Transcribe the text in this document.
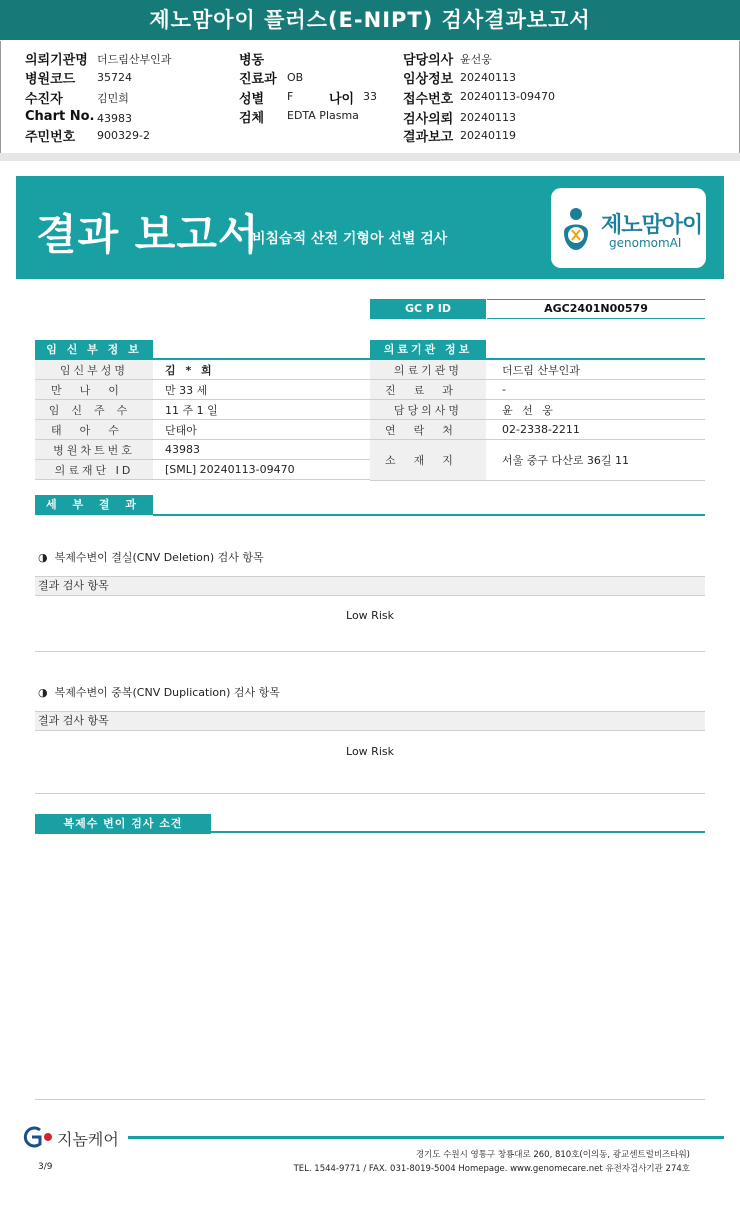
제노맘아이 플러스(E-NIPT) 검사결과보고서
의뢰기관명 더드림산부인과
병원코드 35724
수진자	김민희
Chart No. 43983
주민번호 900329-2
병동
진료과 OB
성별 F	나이 33
검체 EDTA Plasma
담당의사 윤선웅
임상정보 20240113
접수번호 20240113-09470
검사의뢰 20240113
결과보고 20240119
결과 보고서
비침습적 산전 기형아 선별 검사
제노맘아이
genomomAI
GC P ID	AGC2401N00579
임 신 부 정 보
임신부성명	김 * 희
만나이	만 33 세
임신주수	11 주 1 일
태아수	단태아
병원차트번호	43983
의료재단 ID	[SML] 20240113-09470
의료기관 정보
의료기관명	더드림 산부인과
진료과	-
담당의사명	윤 선 웅
연락처	02-2338-2211
소재지	서울 중구 다산로 36길 11
세 부 결 과
◑ 복제수변이 결실(CNV Deletion) 검사 항목
결과 검사 항목
Low Risk
◑ 복제수변이 중복(CNV Duplication) 검사 항목
결과 검사 항목
Low Risk
복제수 변이 검사 소견
지놈케어
경기도 수원시 영통구 창룡대로 260, 810호(이의동, 광교센트럴비즈타워)
TEL. 1544-9771 / FAX. 031-8019-5004 Homepage. www.genomecare.net 유전자검사기관 274호
3/9
